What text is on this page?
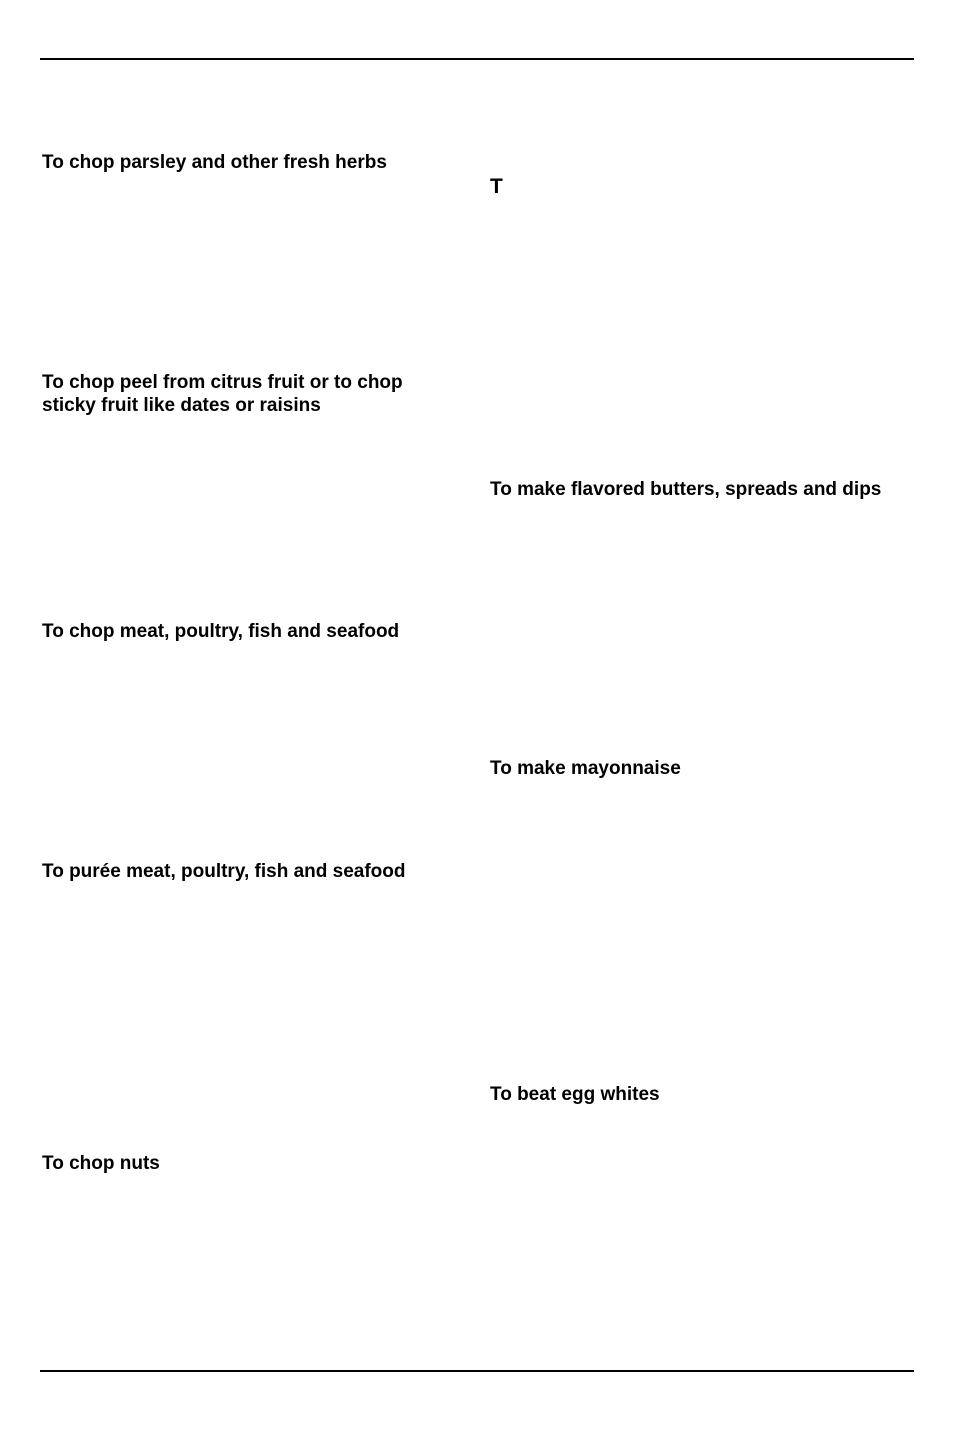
To chop parsley and other fresh herbs
To chop peel from citrus fruit or to chop
sticky fruit like dates or raisins
To chop meat, poultry, fish and seafood
To purée meat, poultry, fish and seafood
To chop nuts
T
To make flavored butters, spreads and dips
To make mayonnaise
To beat egg whites
